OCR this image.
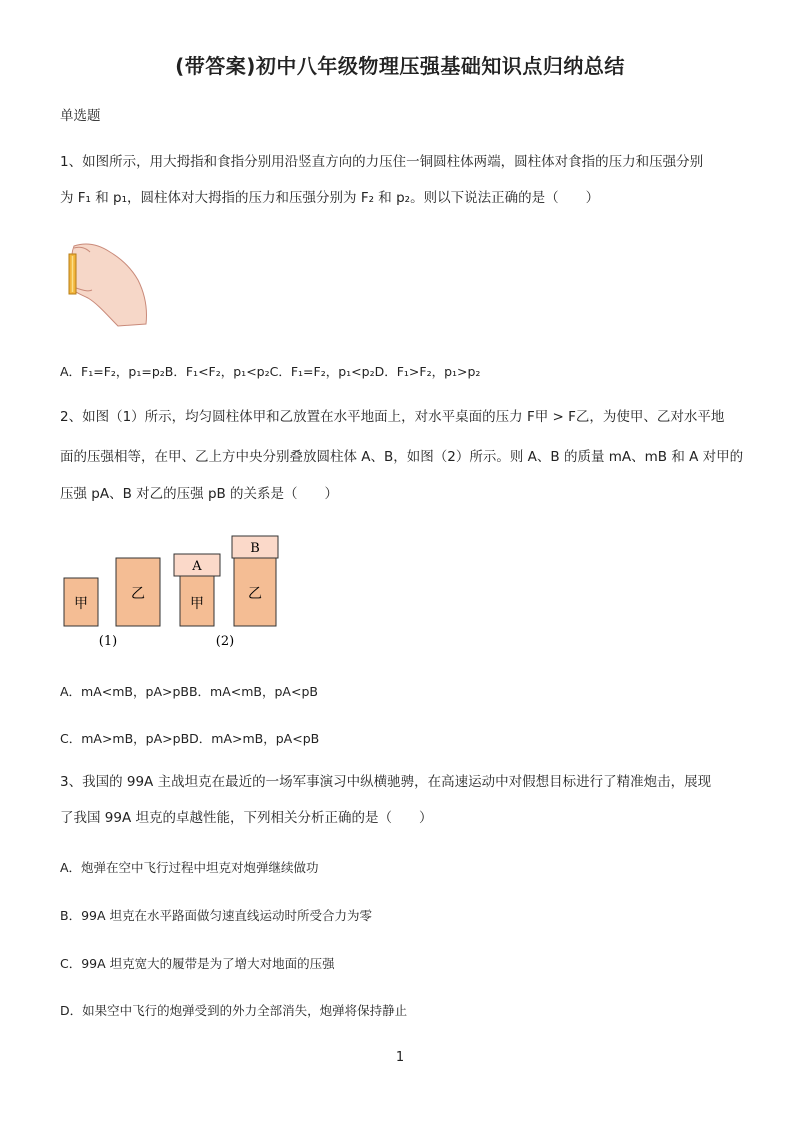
(带答案)初中八年级物理压强基础知识点归纳总结
单选题
1、如图所示，用大拇指和食指分别用沿竖直方向的力压住一铜圆柱体两端，圆柱体对食指的压力和压强分别
为 F₁ 和 p₁，圆柱体对大拇指的压力和压强分别为 F₂ 和 p₂。则以下说法正确的是（　　）
A．F₁=F₂，p₁=p₂B．F₁<F₂，p₁<p₂C．F₁=F₂，p₁<p₂D．F₁>F₂，p₁>p₂
2、如图（1）所示，均匀圆柱体甲和乙放置在水平地面上，对水平桌面的压力 F甲 > F乙，为使甲、乙对水平地
面的压强相等，在甲、乙上方中央分别叠放圆柱体 A、B，如图（2）所示。则 A、B 的质量 mA、mB 和 A 对甲的
压强 pA、B 对乙的压强 pB 的关系是（　　）
甲
乙
(1)
A
甲
B
乙
(2)
A．mA<mB，pA>pBB．mA<mB，pA<pB
C．mA>mB，pA>pBD．mA>mB，pA<pB
3、我国的 99A 主战坦克在最近的一场军事演习中纵横驰骋，在高速运动中对假想目标进行了精准炮击，展现
了我国 99A 坦克的卓越性能，下列相关分析正确的是（　　）
A．炮弹在空中飞行过程中坦克对炮弹继续做功
B．99A 坦克在水平路面做匀速直线运动时所受合力为零
C．99A 坦克宽大的履带是为了增大对地面的压强
D．如果空中飞行的炮弹受到的外力全部消失，炮弹将保持静止
1
